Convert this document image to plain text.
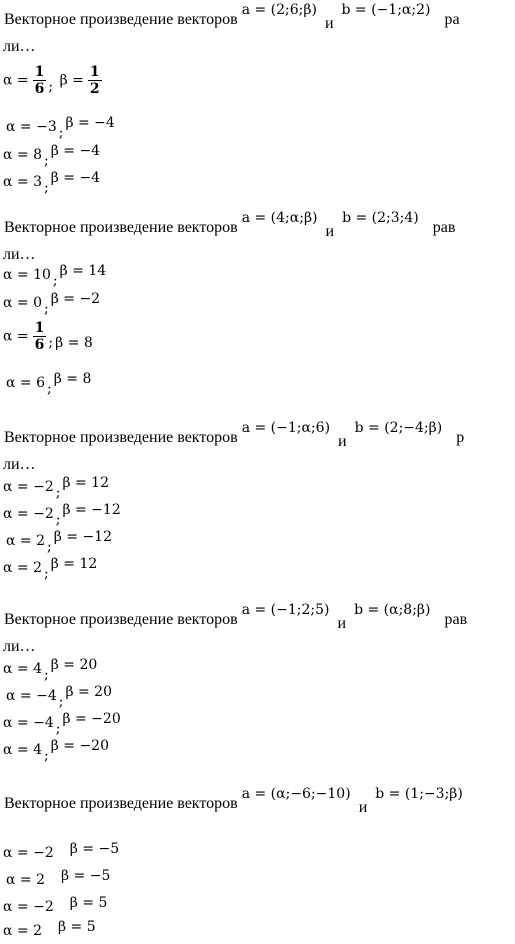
Векторное произведение векторов a = (2;6;β) и b = (−1;α;2) ра
ли…
$\alpha = \frac{1}{6}$ ; $\beta = \frac{1}{2}$
α = −3 ;β = −4
α = 8 ;β = −4
α = 3 ;β = −4
Векторное произведение векторов a = (4;α;β) и b = (2;3;4) рав
ли…
α = 10 ;β = 14
α = 0 ;β = −2
$\alpha = \frac{1}{6}$ ; β = 8
α = 6 ;β = 8
Векторное произведение векторов a = (−1;α;6) и b = (2;−4;β) р
ли…
α = −2 ;β = 12
α = −2 ;β = −12
α = 2 ;β = −12
α = 2 ;β = 12
Векторное произведение векторов a = (−1;2;5) и b = (α;8;β) рав
ли…
α = 4 ;β = 20
α = −4 ;β = 20
α = −4 ;β = −20
α = 4 ;β = −20
Векторное произведение векторов a = (α;−6;−10) и b = (1;−3;β)
α = −2 β = −5
α = 2 β = −5
α = −2 β = 5
α = 2 β = 5
